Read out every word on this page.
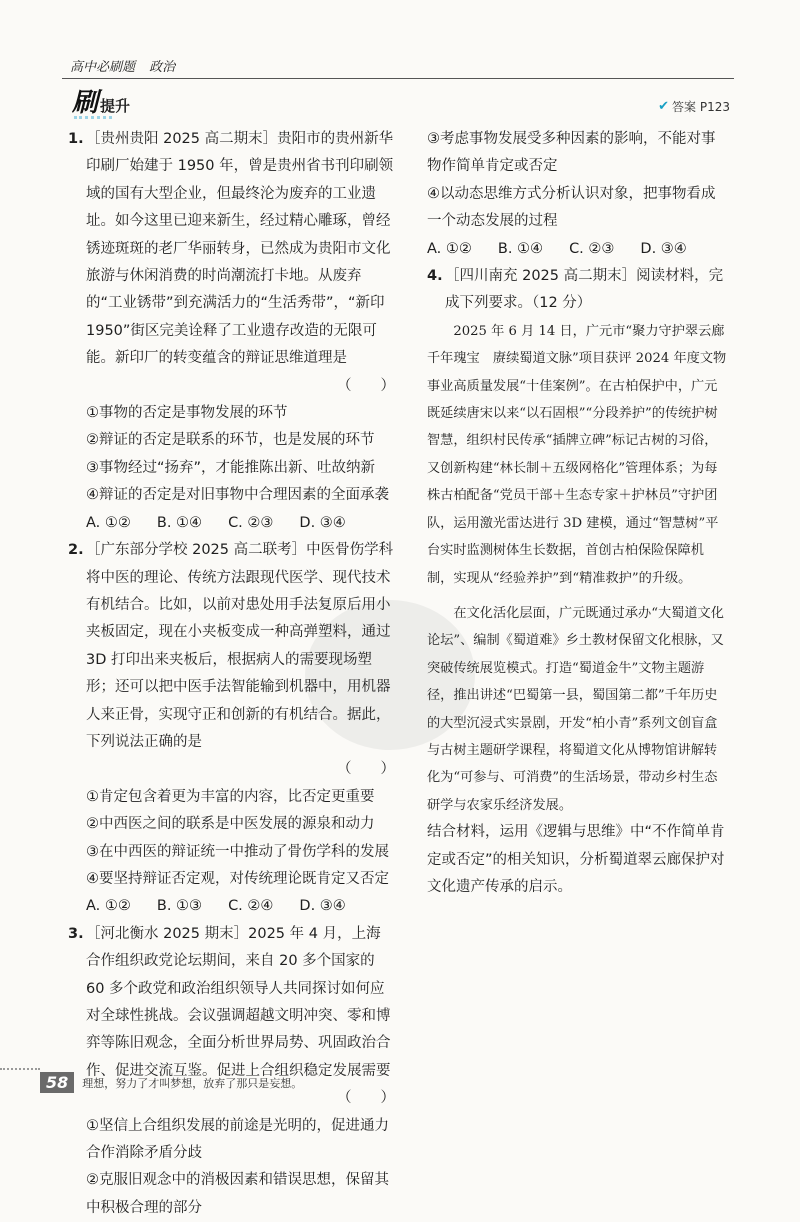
高中必刷题 政治
刷 提升	✔ 答案 P123
1. ［贵州贵阳 2025 高二期末］贵阳市的贵州新华印刷厂始建于 1950 年，曾是贵州省书刊印刷领域的国有大型企业，但最终沦为废弃的工业遗址。如今这里已迎来新生，经过精心雕琢，曾经锈迹斑斑的老厂华丽转身，已然成为贵阳市文化旅游与休闲消费的时尚潮流打卡地。从废弃的“工业锈带”到充满活力的“生活秀带”，“新印 1950”街区完美诠释了工业遗存改造的无限可能。新印厂的转变蕴含的辩证思维道理是（　　）
①事物的否定是事物发展的环节
②辩证的否定是联系的环节，也是发展的环节
③事物经过“扬弃”，才能推陈出新、吐故纳新
④辩证的否定是对旧事物中合理因素的全面承袭
A. ①② B. ①④ C. ②③ D. ③④
2. ［广东部分学校 2025 高二联考］中医骨伤学科将中医的理论、传统方法跟现代医学、现代技术有机结合。比如，以前对患处用手法复原后用小夹板固定，现在小夹板变成一种高弹塑料，通过 3D 打印出来夹板后，根据病人的需要现场塑形；还可以把中医手法智能输到机器中，用机器人来正骨，实现守正和创新的有机结合。据此，下列说法正确的是（　　）
①肯定包含着更为丰富的内容，比否定更重要
②中西医之间的联系是中医发展的源泉和动力
③在中西医的辩证统一中推动了骨伤学科的发展
④要坚持辩证否定观，对传统理论既肯定又否定
A. ①② B. ①③ C. ②④ D. ③④
3. ［河北衡水 2025 期末］2025 年 4 月，上海合作组织政党论坛期间，来自 20 多个国家的 60 多个政党和政治组织领导人共同探讨如何应对全球性挑战。会议强调超越文明冲突、零和博弈等陈旧观念，全面分析世界局势、巩固政治合作、促进交流互鉴。促进上合组织稳定发展需要（　　）
①坚信上合组织发展的前途是光明的，促进通力合作消除矛盾分歧
②克服旧观念中的消极因素和错误思想，保留其中积极合理的部分
③考虑事物发展受多种因素的影响，不能对事物作简单肯定或否定
④以动态思维方式分析认识对象，把事物看成一个动态发展的过程
A. ①② B. ①④ C. ②③ D. ③④
4. ［四川南充 2025 高二期末］阅读材料，完成下列要求。（12 分）

2025 年 6 月 14 日，广元市“聚力守护翠云廊千年瑰宝　赓续蜀道文脉”项目获评 2024 年度文物事业高质量发展“十佳案例”。在古柏保护中，广元既延续唐宋以来“以石固根”“分段养护”的传统护树智慧，组织村民传承“插牌立碑”标记古树的习俗，又创新构建“林长制＋五级网格化”管理体系；为每株古柏配备“党员干部＋生态专家＋护林员”守护团队，运用激光雷达进行 3D 建模，通过“智慧树”平台实时监测树体生长数据，首创古柏保险保障机制，实现从“经验养护”到“精准救护”的升级。

在文化活化层面，广元既通过承办“大蜀道文化论坛”、编制《蜀道难》乡土教材保留文化根脉，又突破传统展览模式。打造“蜀道金牛”文物主题游径，推出讲述“巴蜀第一县，蜀国第二都”千年历史的大型沉浸式实景剧，开发“柏小青”系列文创盲盒与古树主题研学课程，将蜀道文化从博物馆讲解转化为“可参与、可消费”的生活场景，带动乡村生态研学与农家乐经济发展。

结合材料，运用《逻辑与思维》中“不作简单肯定或否定”的相关知识，分析蜀道翠云廊保护对文化遗产传承的启示。

58	理想，努力了才叫梦想，放弃了那只是妄想。
